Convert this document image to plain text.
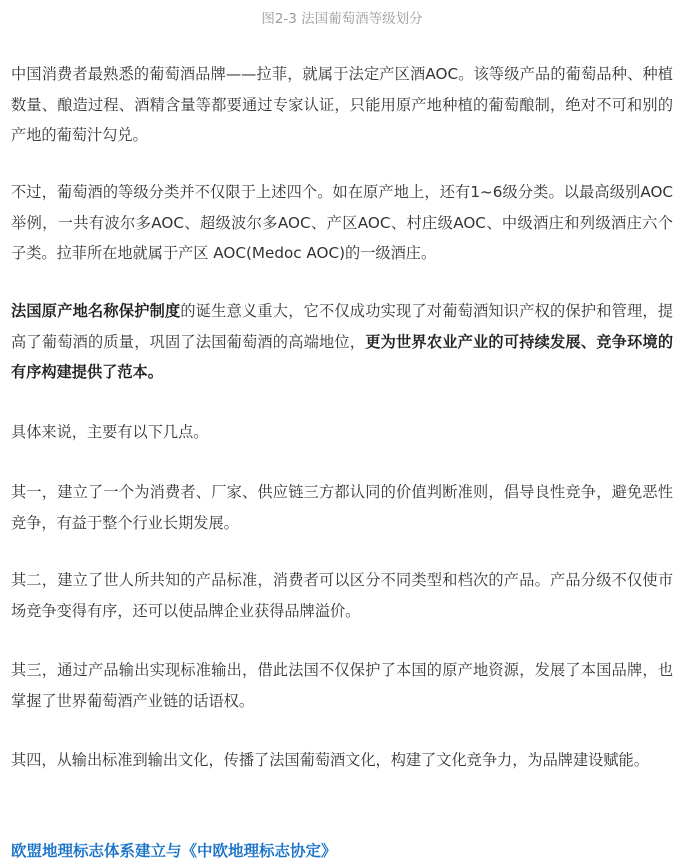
图2-3 法国葡萄酒等级划分

中国消费者最熟悉的葡萄酒品牌——拉菲，就属于法定产区酒AOC。该等级产品的葡萄品种、种植数量、酿造过程、酒精含量等都要通过专家认证，只能用原产地种植的葡萄酿制，绝对不可和别的产地的葡萄汁勾兑。

不过，葡萄酒的等级分类并不仅限于上述四个。如在原产地上，还有1~6级分类。以最高级别AOC举例，一共有波尔多AOC、超级波尔多AOC、产区AOC、村庄级AOC、中级酒庄和列级酒庄六个子类。拉菲所在地就属于产区 AOC(Medoc AOC)的一级酒庄。

法国原产地名称保护制度的诞生意义重大，它不仅成功实现了对葡萄酒知识产权的保护和管理，提高了葡萄酒的质量，巩固了法国葡萄酒的高端地位，更为世界农业产业的可持续发展、竞争环境的有序构建提供了范本。

具体来说，主要有以下几点。

其一，建立了一个为消费者、厂家、供应链三方都认同的价值判断准则，倡导良性竞争，避免恶性竞争，有益于整个行业长期发展。

其二，建立了世人所共知的产品标准，消费者可以区分不同类型和档次的产品。产品分级不仅使市场竞争变得有序，还可以使品牌企业获得品牌溢价。

其三，通过产品输出实现标准输出，借此法国不仅保护了本国的原产地资源，发展了本国品牌，也掌握了世界葡萄酒产业链的话语权。

其四，从输出标准到输出文化，传播了法国葡萄酒文化，构建了文化竞争力，为品牌建设赋能。

欧盟地理标志体系建立与《中欧地理标志协定》
